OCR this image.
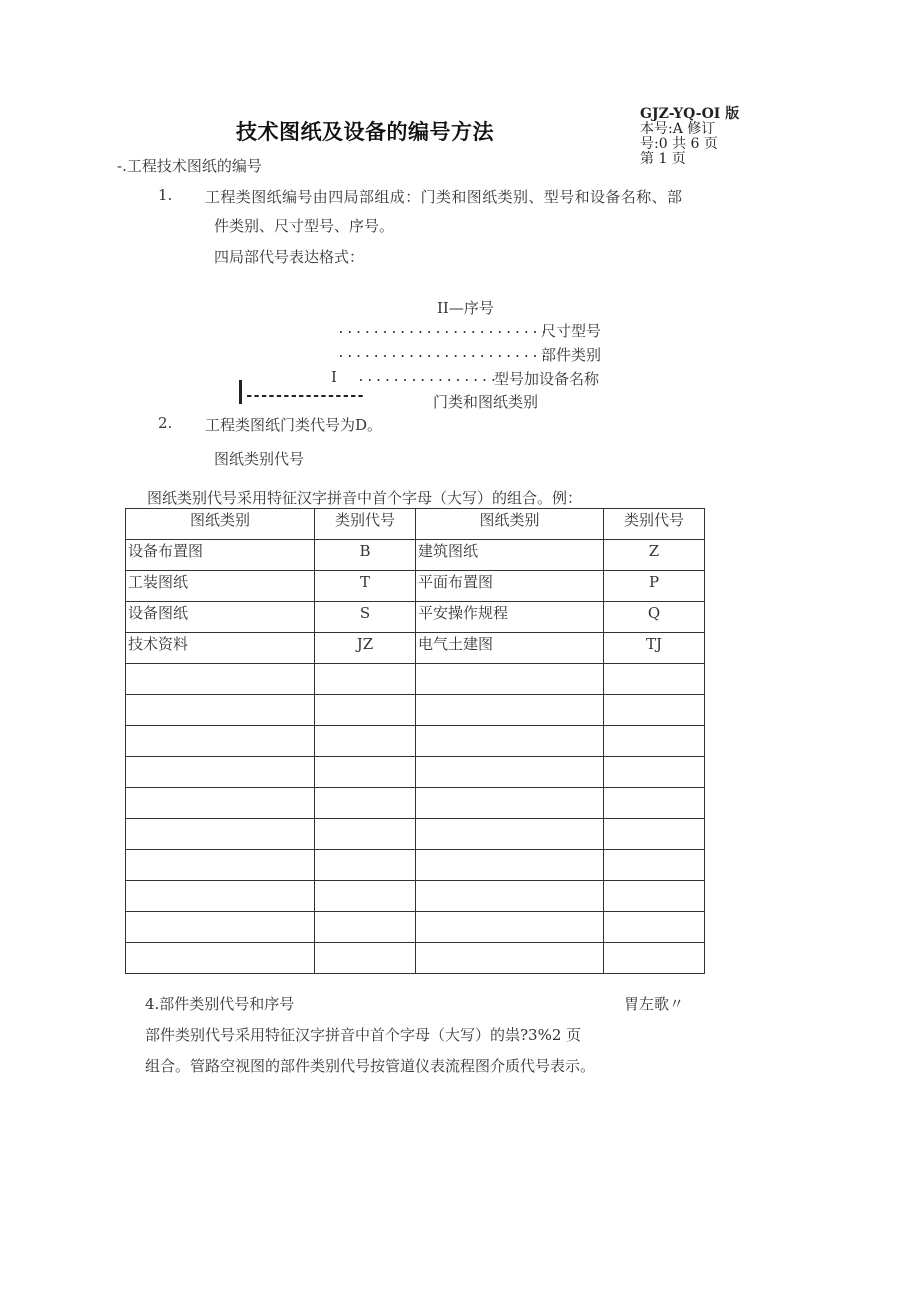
技术图纸及设备的编号方法
GJZ-YQ-OI 版
本号:A 修订
号:0 共 6 页
第 1 页
-.工程技术图纸的编号
1. 工程类图纸编号由四局部组成：门类和图纸类别、型号和设备名称、部
件类别、尺寸型号、序号。
四局部代号表达格式：
II—序号
........................
尺寸型号
........................
部件类别
I ................
型号加设备名称
----------------	门类和图纸类别
2. 工程类图纸门类代号为D。
图纸类别代号
图纸类别代号采用特征汉字拼音中首个字母（大写）的组合。例：
图纸类别	类别代号	图纸类别	类别代号
设备布置图	B	建筑图纸	Z
工装图纸	T	平面布置图	P
设备图纸	S	平安操作规程	Q
技术资料	JZ	电气土建图	TJ

4.部件类别代号和序号	胃左歌〃
部件类别代号采用特征汉字拼音中首个字母（大写）的祟?3%2 页
组合。管路空视图的部件类别代号按管道仪表流程图介质代号表示。
